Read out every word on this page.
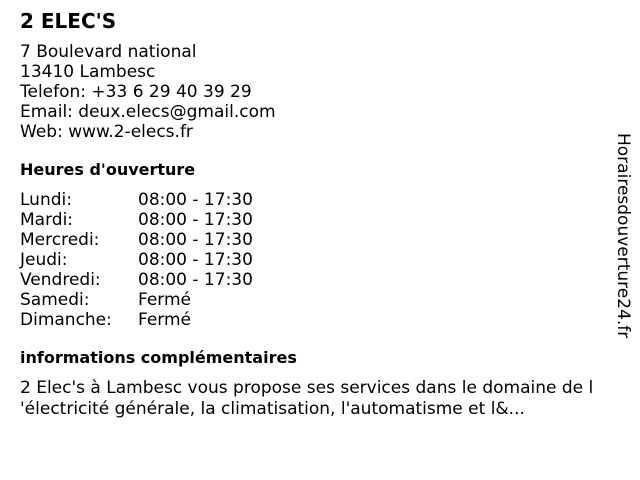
2 ELEC'S
7 Boulevard national
13410 Lambesc
Telefon: +33 6 29 40 39 29
Email: deux.elecs@gmail.com
Web: www.2-elecs.fr
Heures d'ouverture
Lundi:	08:00 - 17:30
Mardi:	08:00 - 17:30
Mercredi:	08:00 - 17:30
Jeudi:	08:00 - 17:30
Vendredi:	08:00 - 17:30
Samedi:	Fermé
Dimanche:	Fermé
informations complémentaires
2 Elec's à Lambesc vous propose ses services dans le domaine de l
'électricité générale, la climatisation, l'automatisme et l&...
Horairesdouverture24.fr
